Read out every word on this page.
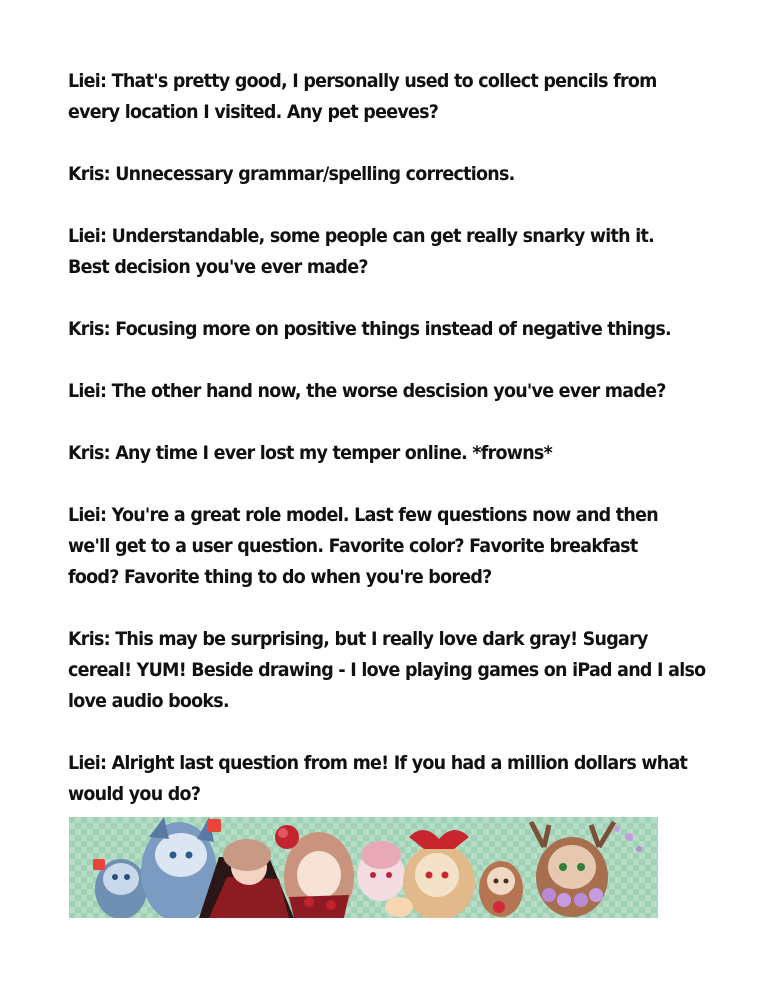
Liei: That's pretty good, I personally used to collect pencils from
every location I visited. Any pet peeves?

Kris: Unnecessary grammar/spelling corrections.

Liei: Understandable, some people can get really snarky with it.
Best decision you've ever made?

Kris: Focusing more on positive things instead of negative things.

Liei: The other hand now, the worse descision you've ever made?

Kris: Any time I ever lost my temper online. *frowns*

Liei: You're a great role model. Last few questions now and then
we'll get to a user question. Favorite color? Favorite breakfast
food? Favorite thing to do when you're bored?

Kris: This may be surprising, but I really love dark gray! Sugary
cereal! YUM! Beside drawing - I love playing games on iPad and I also
love audio books.

Liei: Alright last question from me! If you had a million dollars what
would you do?
